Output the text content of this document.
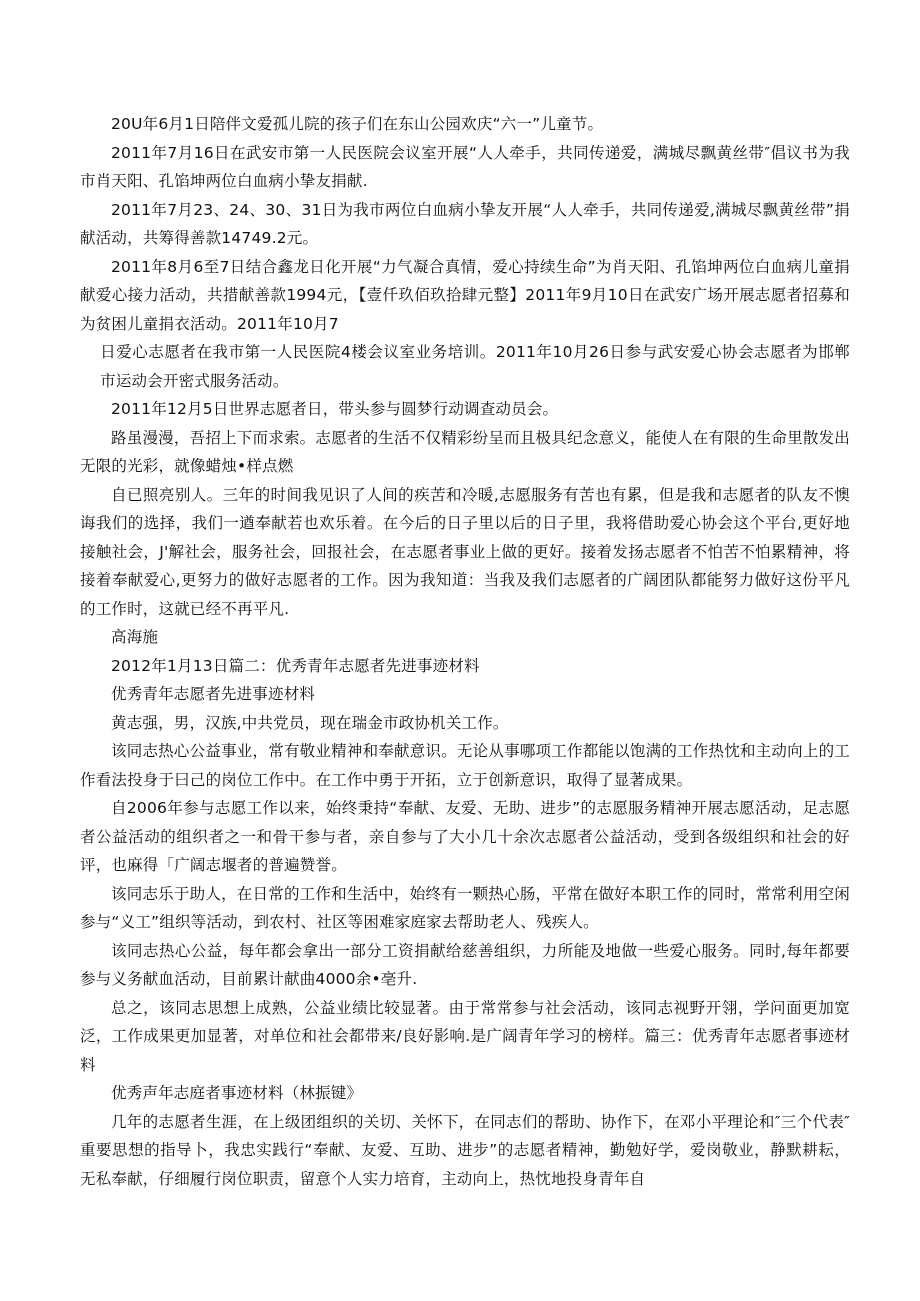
20U年6月1日陪伴文爱孤儿院的孩子们在东山公园欢庆“六一”儿童节。

2011年7月16日在武安市第一人民医院会议室开展“人人牵手，共同传递爱，满城尽飘黄丝带″倡议书为我市肖天阳、孔馅坤两位白血病小挚友捐献.

2011年7月23、24、30、31日为我市两位白血病小挚友开展“人人牵手，共同传递爱,满城尽飘黄丝带”捐献活动，共筹得善款14749.2元。

2011年8月6至7日结合鑫龙日化开展“力气凝合真情，爱心持续生命”为肖天阳、孔馅坤两位白血病儿童捐献爱心接力活动，共措献善款1994元，【壹仟玖佰玖拾肆元整】2011年9月10日在武安广场开展志愿者招募和为贫困儿童捐衣活动。2011年10月7

日爱心志愿者在我市第一人民医院4楼会议室业务培训。2011年10月26日参与武安爱心协会志愿者为邯郸市运动会开密式服务活动。

2011年12月5日世界志愿者日，带头参与圆梦行动调查动员会。

路虽漫漫，吾招上下而求索。志愿者的生活不仅精彩纷呈而且极具纪念意义，能使人在有限的生命里散发出无限的光彩，就像蜡烛•样点燃

自已照亮别人。三年的时间我见识了人间的疾苦和冷暖,志愿服务有苦也有累，但是我和志愿者的队友不懊诲我们的选择，我们一遒奉献若也欢乐着。在今后的日子里以后的日子里，我将借助爱心协会这个平台,更好地接触社会，J'解社会，服务社会，回报社会，在志愿者事业上做的更好。接着发扬志愿者不怕苦不怕累精神，将接着奉献爱心,更努力的做好志愿者的工作。因为我知道：当我及我们志愿者的广阔团队都能努力做好这份平凡的工作时，这就已经不再平凡.

高海施

2012年1月13日篇二：优秀青年志愿者先进事迹材料

优秀青年志愿者先进事迹材料

黄志强，男，汉族,中共党员，现在瑞金市政协机关工作。

该同志热心公益事业，常有敬业精神和奉献意识。无论从事哪项工作都能以饱满的工作热忱和主动向上的工作看法投身于曰己的岗位工作中。在工作中勇于开拓，立于创新意识，取得了显著成果。

自2006年参与志愿工作以来，始终秉持“奉献、友爱、无助、进步”的志愿服务精神开展志愿活动，足志愿者公益活动的组织者之一和骨干参与者，亲自参与了大小几十余次志愿者公益活动，受到各级组织和社会的好评，也麻得「广阔志堰者的普遍赞誉。

该同志乐于助人，在日常的工作和生活中，始终有一颗热心肠，平常在做好本职工作的同时，常常利用空闲参与“义工”组织等活动，到农村、社区等困难家庭家去帮助老人、残疾人。

该同志热心公益，每年都会拿出一部分工资捐献给慈善组织，力所能及地做一些爱心服务。同时,每年都要参与义务献血活动，目前累计献曲4000余•亳升.

总之，该同志思想上成熟，公益业绩比较显著。由于常常参与社会活动，该同志视野开翎，学问面更加宽泛，工作成果更加显著，对单位和社会都带来/良好影响.是广阔青年学习的榜样。篇三：优秀青年志愿者事迹材料

优秀声年志庭者事迹材料（林振键》

几年的志愿者生涯，在上级团组织的关切、关怀下，在同志们的帮助、协作下，在邓小平理论和″三个代表″重要思想的指导卜，我忠实践行“奉献、友爱、互助、进步”的志愿者精神，勤勉好学，爱岗敬业，静默耕耘，无私奉献，仔细履行岗位职责，留意个人实力培育，主动向上，热忱地投身青年自
